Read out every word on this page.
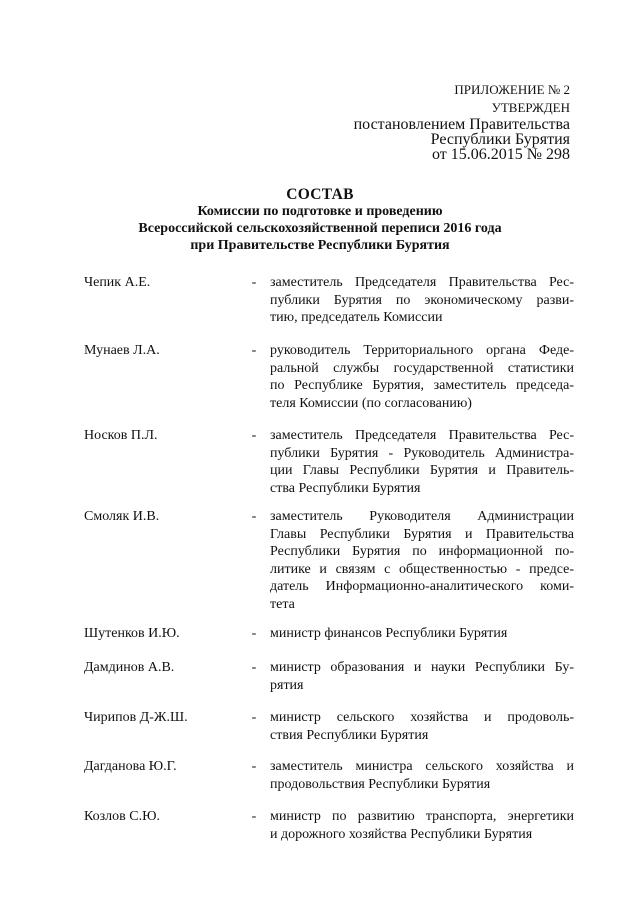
ПРИЛОЖЕНИЕ № 2
УТВЕРЖДЕН
постановлением Правительства
Республики Бурятия
от 15.06.2015 № 298
СОСТАВ
Комиссии по подготовке и проведению
Всероссийской сельскохозяйственной переписи 2016 года
при Правительстве Республики Бурятия
Чепик А.Е.	- заместитель Председателя Правительства Рес-
публики Бурятия по экономическому разви-
тию, председатель Комиссии
Мунаев Л.А.	- руководитель Территориального органа Феде-
ральной службы государственной статистики
по Республике Бурятия, заместитель председа-
теля Комиссии (по согласованию)
Носков П.Л.	- заместитель Председателя Правительства Рес-
публики Бурятия - Руководитель Администра-
ции Главы Республики Бурятия и Правитель-
ства Республики Бурятия
Смоляк И.В.	- заместитель Руководителя Администрации
Главы Республики Бурятия и Правительства
Республики Бурятия по информационной по-
литике и связям с общественностью - предсе-
датель Информационно-аналитического коми-
тета
Шутенков И.Ю.	- министр финансов Республики Бурятия
Дамдинов А.В.	- министр образования и науки Республики Бу-
рятия
Чирипов Д-Ж.Ш.	- министр сельского хозяйства и продоволь-
ствия Республики Бурятия
Дагданова Ю.Г.	- заместитель министра сельского хозяйства и
продовольствия Республики Бурятия
Козлов С.Ю.	- министр по развитию транспорта, энергетики
и дорожного хозяйства Республики Бурятия
